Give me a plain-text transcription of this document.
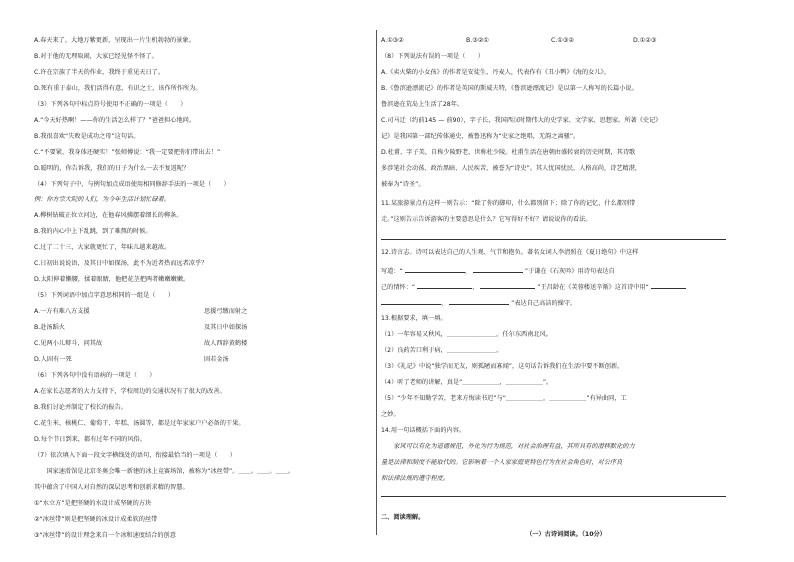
A.春天来了，大地万紫更新，呈现出一片生机勃勃的景象。
B.对于他的无理取闹，大家已经见怪不怪了。
C.许在宗族了半天的作业，我终于重见天日了。
D.死有重于泰山，我们活得有意，有识之士，该作所作所为。
（3）下列各句中标点符号使用不正确的一项是（　　）
A.“今天好热啊！——你的生活怎么样了？”爸爸担心地问。
B.我很喜欢“失败是成功之母”这句话。
C.“不要紧，我身体还硬实！”张师傅说：“我一定要把你们带出去！”
D.聪明的，你告诉我，我们的日子为什么一去不复返呢？
（4）下列句子中，与例句加点成语使用相同修辞手法的一项是（　　）
例：你方宗大院的人们，为今年生活计划忙碌着。
A.柳树钻破正位立河边，在他春风拂摆着细长的柳条。
B.我的内心中上下乱跳，到了难熬的时候。
C.过了二十三，大家就更忙了，年味儿越来越浓。
C.日初出说说语，及其日中如探汤，此不为近者热而远者凉乎？
D.太阳伸着懒腰，揉着眼睛，他把花茎把两者嫩嫩嫩嫩。
（5）下列词语中加点字意思相同的一组是（　　）
A.一方有难八方支援	思援弓缴而射之
B.赴汤蹈火	及其日中如探汤
C.见两小儿辩斗，问其故	故人西辞黄鹤楼
D.人固有一死	固若金汤
（6）下列各句中没有语病的一项是（　　）
A.在家长志愿者的大力支持下，学校周边的交通状况有了很大的改善。
B.我们讨论并制定了校长的报告。
C.花生米、核桃仁、葡萄干、年糕、汤圆等，都是过年家家户户必备的干果。
D.每个节日到来，都有过年不同的风俗。
（7）依次填入下面一段文字横线处的语句，衔接最恰当的一项是（　　）
　　国家速滑馆是北京冬奥会唯一新建的冰上竞赛场馆，被称为“冰丝带”。＿＿。＿＿。＿＿。
其中蕴含了中国人对自然的深层思考和创新求精的智慧。
①“水立方”是把坚硬的水设计成坚硬的方块
②“冰丝带”则是把坚硬的冰设计成柔软的丝带
③“冰丝带”的设计理念来自一个冰和速度结合的创意
A.①③②	B.③②①	C.①③②	D.①②③
（8）下列说法有误的一项是（　　）
A.《卖火柴的小女孩》的作者是安徒生，丹麦人，代表作有《丑小鸭》《海的女儿》。
B.《鲁滨逊漂流记》的作者是英国的斯威夫特，《鲁滨逊漂流记》是以第一人称写的长篇小说。
鲁滨逊在荒岛上生活了28年。
C.司马迁（约前145 — 前90），字子长，我国西汉时期伟大的史学家、文学家、思想家。所著《史记》
记》是我国第一部纪传体通史，被鲁迅称为“史家之绝唱，无韵之离骚”。
D.杜甫，字子美，自称少陵野老，世称杜少陵。杜甫生活在唐朝由盛转衰的历史时期，其诗歌
多涉笔社会动荡、政治黑暗、人民疾苦，被誉为“诗史”。其人忧国忧民，人格高尚，诗艺精湛，
被奉为“诗圣”。
11.某旅游景点有这样一则告示：“除了你的脚印，什么都别留下；除了你的记忆，什么都别带
走。”这则告示告诉游客的主要意思是什么？它写得好不好？请说说你的看法。
12.诗言志。诗可以表达自己的人生观、气节和抱负。著名女词人李清照在《夏日绝句》中这样
写道：“	，	”于谦在《石灰吟》用诗句表达自
己的情怀：“	，	”王昌龄在《芙蓉楼送辛渐》这首诗中用“
，	”表达自己高洁的操守。
13.根据要求，填一填。
（1）一年容易又秋风，＿＿＿＿＿＿＿＿。任尔东西南北风。
（2）良药苦口利于病，＿＿＿＿＿＿＿＿。
（3）《礼记》中说“独学而无友，则孤陋而寡闻”，这句话告诉我们在生活中要不断创新。
（4）听了老师的讲解，真是“＿＿＿＿＿＿，＿＿＿＿＿＿”。
（5）“少年不知勤学苦，老来方悔读书迟”与“＿＿＿＿＿＿，＿＿＿＿＿＿”有异曲同，工
之妙。
14.用一句话概括下面的内容。
　　家风可以有化为道德规范，外化为行为规范，对社会治理有益，其所具有的潜移默化的力
量是法律和制度不能取代的。它影响着一个人家家庭更特色行为在社会角色时，对公序良
和法律法规的遵守程度。
二、阅读理解。
（一）古诗词阅读。（10分）
